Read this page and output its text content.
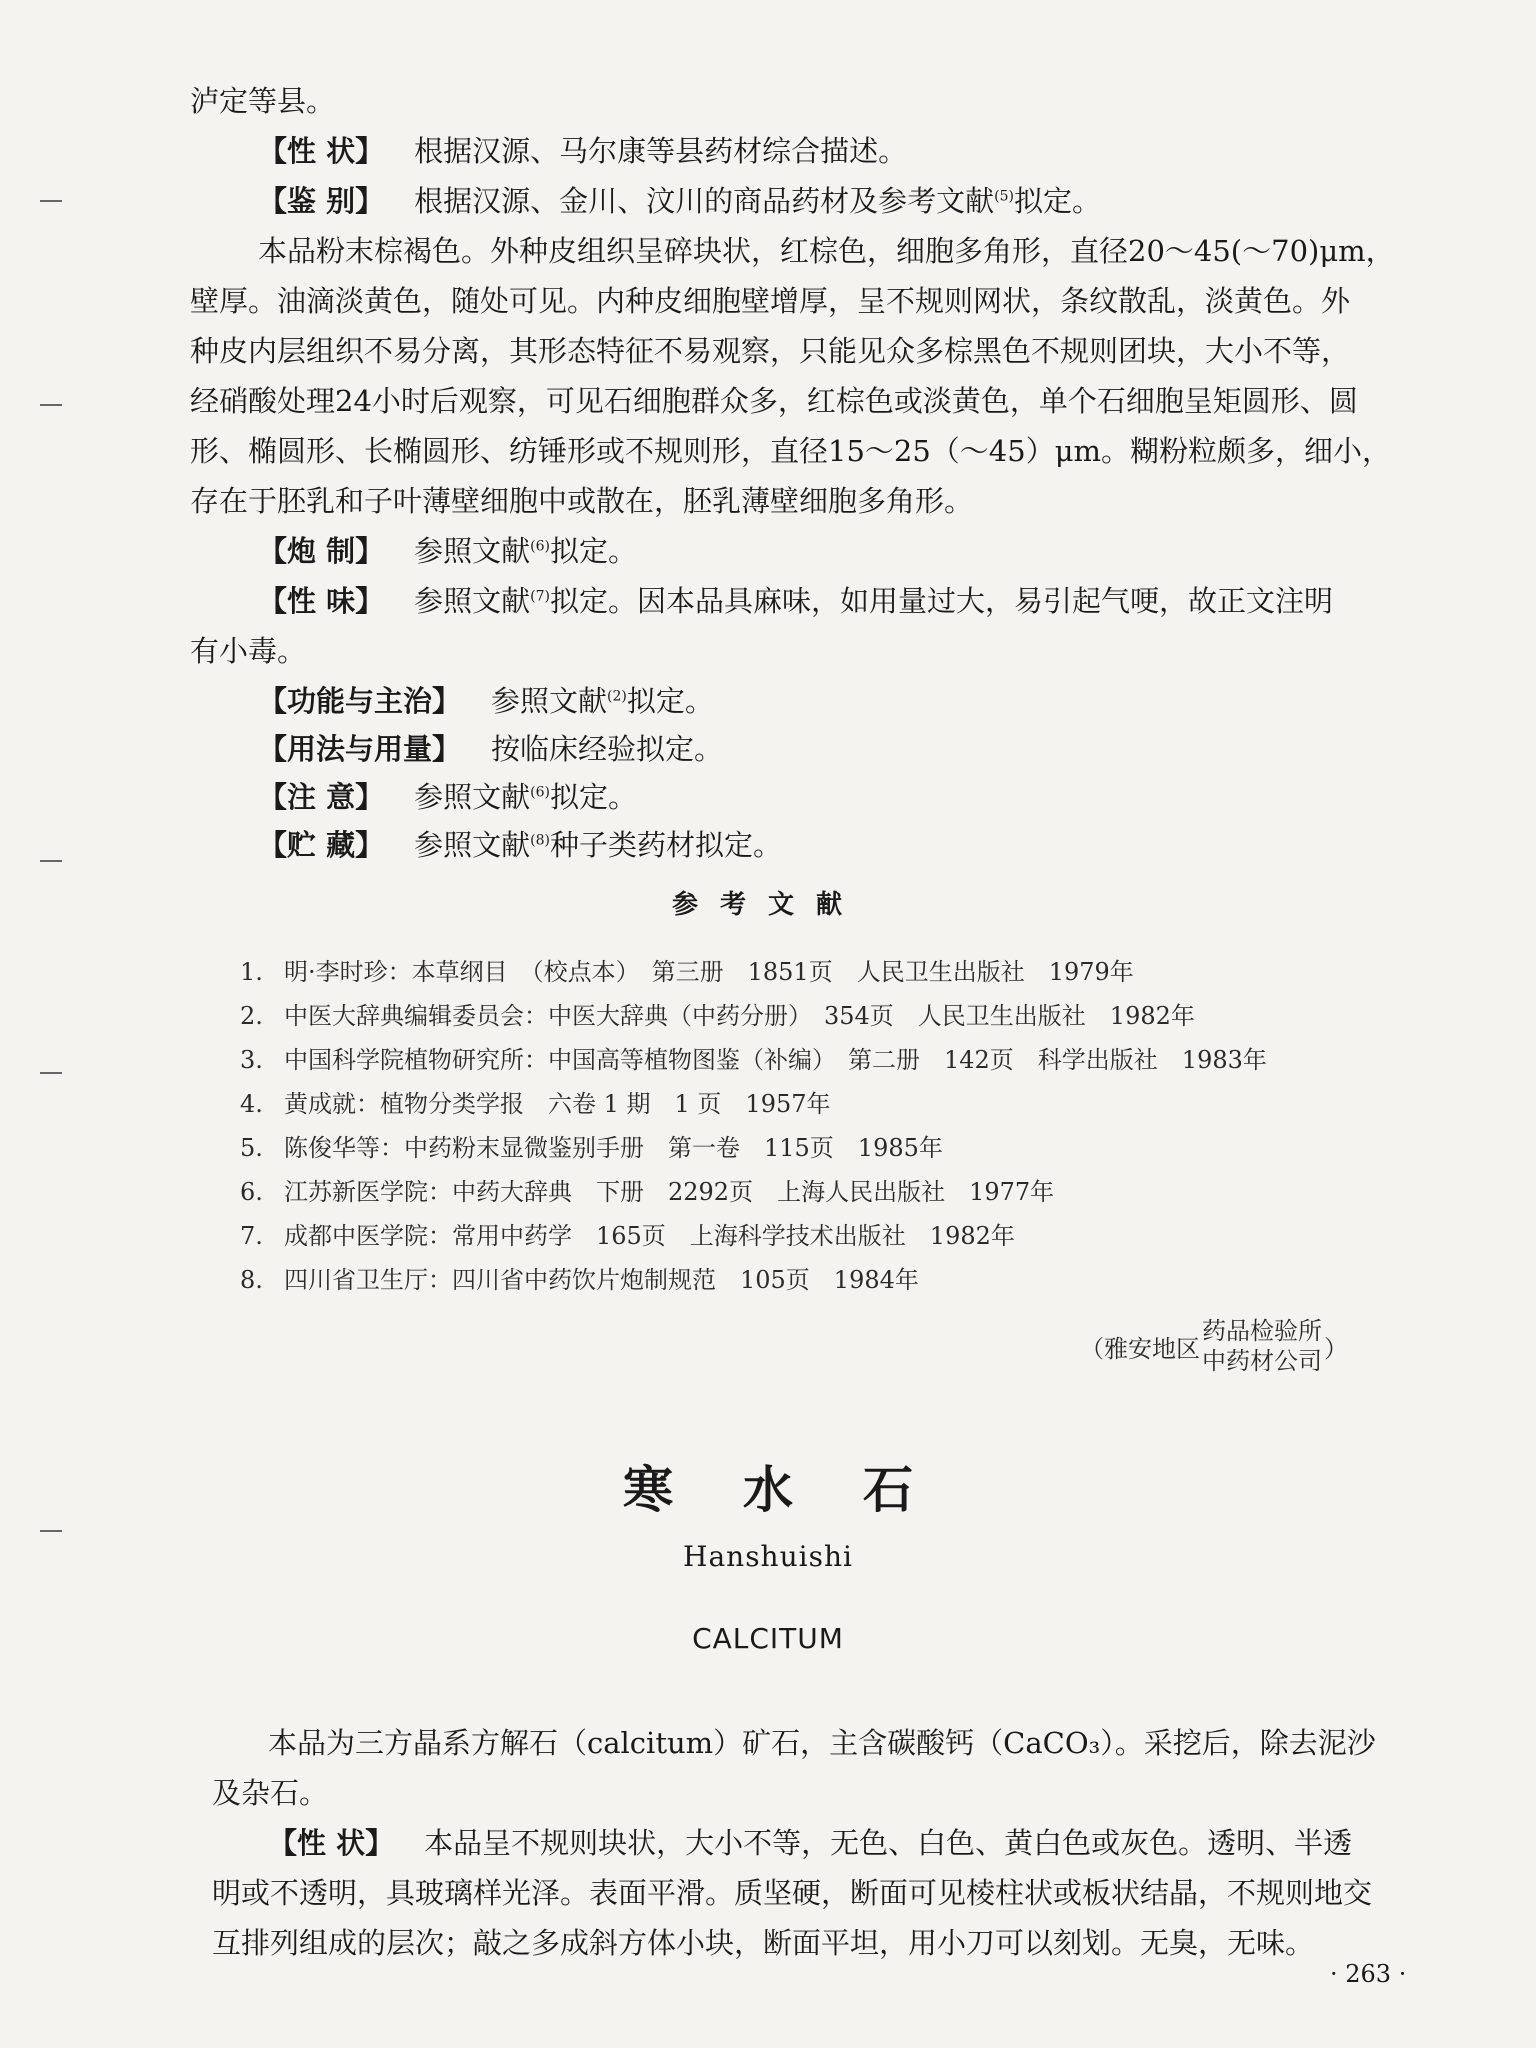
泸定等县。
【性 状】 根据汉源、马尔康等县药材综合描述。
【鉴 别】 根据汉源、金川、汶川的商品药材及参考文献$^{(5)}$拟定。
本品粉末棕褐色。外种皮组织呈碎块状，红棕色，细胞多角形，直径20～45(～70)μm，
壁厚。油滴淡黄色，随处可见。内种皮细胞壁增厚，呈不规则网状，条纹散乱，淡黄色。外
种皮内层组织不易分离，其形态特征不易观察，只能见众多棕黑色不规则团块，大小不等，
经硝酸处理24小时后观察，可见石细胞群众多，红棕色或淡黄色，单个石细胞呈矩圆形、圆
形、椭圆形、长椭圆形、纺锤形或不规则形，直径15～25（～45）μm。糊粉粒颇多，细小，
存在于胚乳和子叶薄壁细胞中或散在，胚乳薄壁细胞多角形。
【炮 制】 参照文献$^{(6)}$拟定。
【性 味】 参照文献$^{(7)}$拟定。因本品具麻味，如用量过大，易引起气哽，故正文注明
有小毒。
【功能与主治】 参照文献$^{(2)}$拟定。
【用法与用量】 按临床经验拟定。
【注 意】 参照文献$^{(6)}$拟定。
【贮 藏】 参照文献$^{(8)}$种子类药材拟定。
参考文献
1. 明·李时珍：本草纲目　（校点本）　第三册　1851页　人民卫生出版社　1979年
2. 中医大辞典编辑委员会：中医大辞典（中药分册）　354页　人民卫生出版社　1982年
3. 中国科学院植物研究所：中国高等植物图鉴（补编）　第二册　142页　科学出版社　1983年
4. 黄成就：植物分类学报　六卷 1 期　1 页　1957年
5. 陈俊华等：中药粉末显微鉴别手册　第一卷　115页　1985年
6. 江苏新医学院：中药大辞典　下册　2292页　上海人民出版社　1977年
7. 成都中医学院：常用中药学　165页　上海科学技术出版社　1982年
8. 四川省卫生厅：四川省中药饮片炮制规范　105页　1984年
（雅安地区
药品检验所
中药材公司 ）
寒水石
Hanshuishi
CALCITUM
本品为三方晶系方解石（calcitum）矿石，主含碳酸钙（CaCO₃）。采挖后，除去泥沙
及杂石。
【性 状】 本品呈不规则块状，大小不等，无色、白色、黄白色或灰色。透明、半透
明或不透明，具玻璃样光泽。表面平滑。质坚硬，断面可见棱柱状或板状结晶，不规则地交
互排列组成的层次；敲之多成斜方体小块，断面平坦，用小刀可以刻划。无臭，无味。
· 263 ·
